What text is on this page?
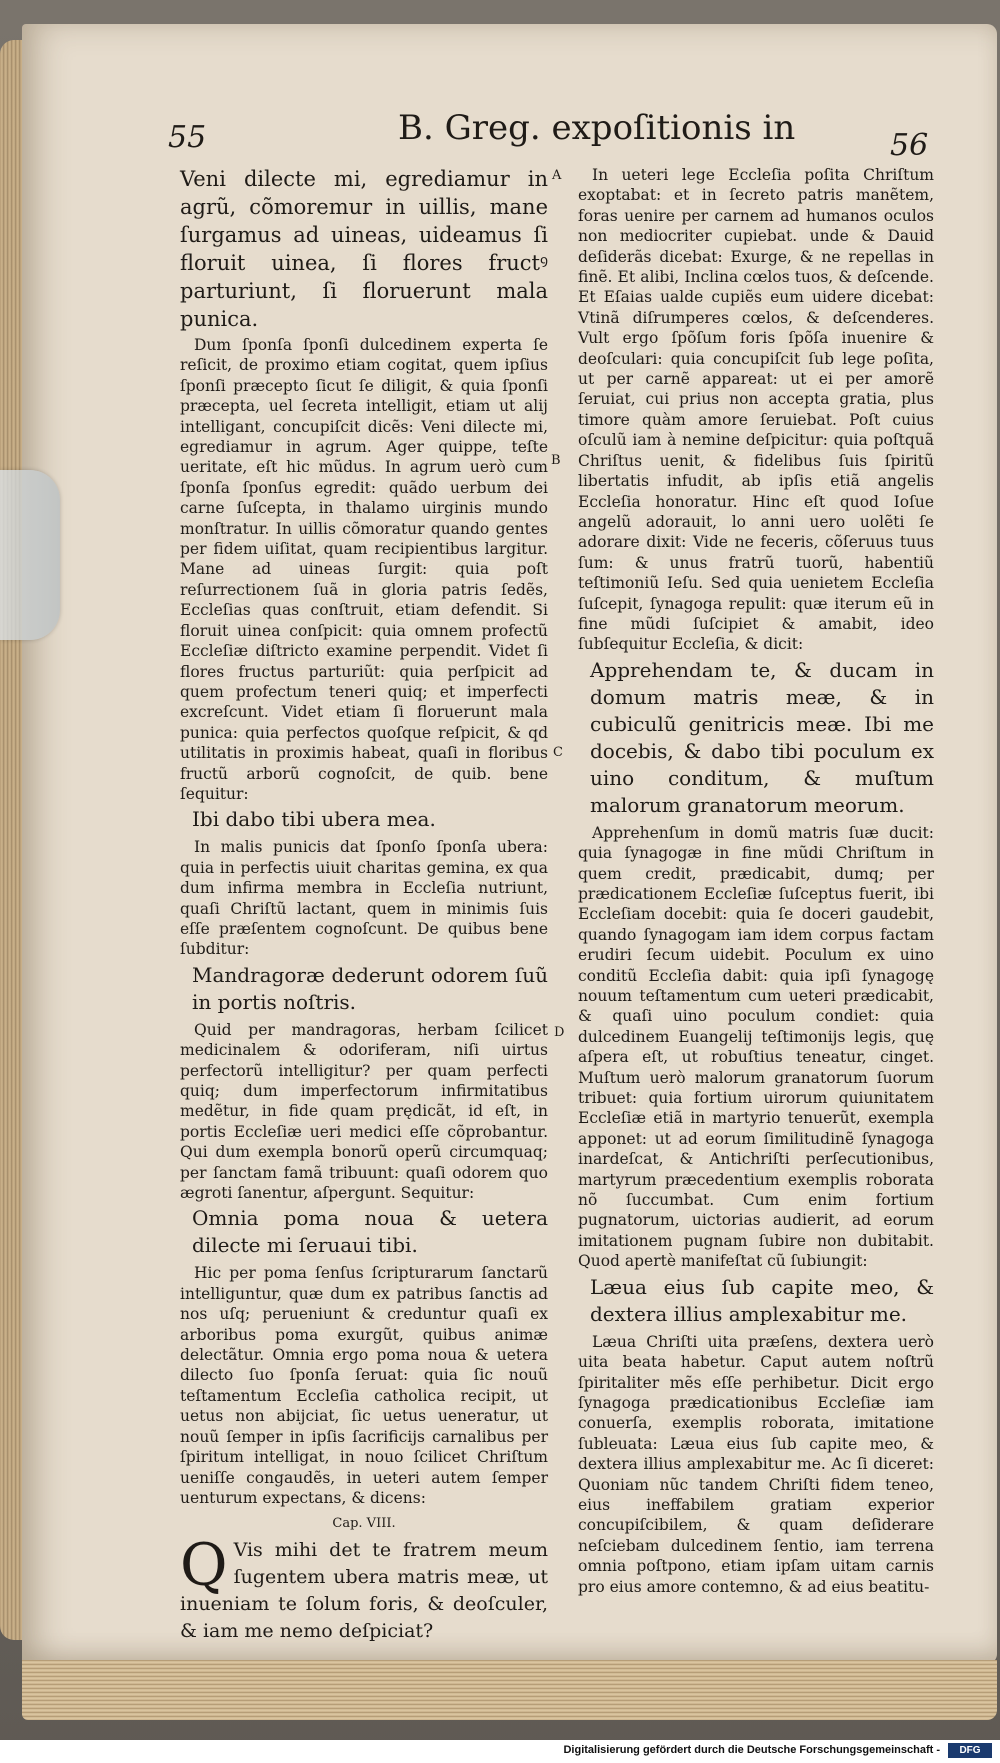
55	B. Greg. expoſitionis in	56
A
B
C
D

Veni dilecte mi, egrediamur in agrũ, cõmoremur in uillis, mane ſurgamus ad uineas, uideamus ſi floruit uinea, ſi flores fructꝰ parturiunt, ſi floruerunt mala punica.

Dum ſponſa ſponſi dulcedinem experta ſe reſicit, de proximo etiam cogitat, quem ipſius ſponſi præcepto ſicut ſe diligit, & quia ſponſi præcepta, uel ſecreta intelligit, etiam ut alij intelligant, concupiſcit dicẽs: Veni dilecte mi, egrediamur in agrum. Ager quippe, teſte ueritate, eſt hic mũdus. In agrum uerò cum ſponſa ſponſus egredit: quãdo uerbum dei carne ſuſcepta, in thalamo uirginis mundo monſtratur. In uillis cõmoratur quando gentes per fidem uiſitat, quam recipientibus largitur. Mane ad uineas ſurgit: quia poſt reſurrectionem ſuã in gloria patris ſedẽs, Eccleſias quas conſtruit, etiam defendit. Si floruit uinea conſpicit: quia omnem profectũ Eccleſiæ diſtricto examine perpendit. Videt ſi flores fructus parturiũt: quia perſpicit ad quem profectum teneri quiq; et imperfecti excreſcunt. Videt etiam ſi floruerunt mala punica: quia perfectos quoſque reſpicit, & qd utilitatis in proximis habeat, quaſi in floribus fructũ arborũ cognoſcit, de quib. bene ſequitur:

Ibi dabo tibi ubera mea.

In malis punicis dat ſponſo ſponſa ubera: quia in perfectis uiuit charitas gemina, ex qua dum infirma membra in Eccleſia nutriunt, quaſi Chriſtũ lactant, quem in minimis ſuis eſſe præſentem cognoſcunt. De quibus bene ſubditur:

Mandragoræ dederunt odorem ſuũ in portis noſtris.

Quid per mandragoras, herbam ſcilicet medicinalem & odoriferam, niſi uirtus perfectorũ intelligitur? per quam perfecti quiq; dum imperfectorum infirmitatibus medẽtur, in fide quam prędicãt, id eſt, in portis Eccleſiæ ueri medici eſſe cõprobantur. Qui dum exempla bonorũ operũ circumquaq; per ſanctam famã tribuunt: quaſi odorem quo ægroti ſanentur, aſpergunt. Sequitur:

Omnia poma noua & uetera dilecte mi ſeruaui tibi.

Hic per poma ſenſus ſcripturarum ſanctarũ intelliguntur, quæ dum ex patribus ſanctis ad nos uſq; perueniunt & creduntur quaſi ex arboribus poma exurgũt, quibus animæ delectãtur. Omnia ergo poma noua & uetera dilecto ſuo ſponſa ſeruat: quia ſic nouũ teſtamentum Eccleſia catholica recipit, ut uetus non abijciat, ſic uetus ueneratur, ut nouũ ſemper in ipſis ſacrificijs carnalibus per ſpiritum intelligat, in nouo ſcilicet Chriſtum ueniſſe congaudẽs, in ueteri autem ſemper uenturum expectans, & dicens:

Cap. VIII.

Q Vis mihi det te fratrem meum ſugentem ubera matris meæ, ut inueniam te ſolum foris, & deoſculer, & iam me nemo deſpiciat?

In ueteri lege Eccleſia poſita Chriſtum exoptabat: et in ſecreto patris manẽtem, foras uenire per carnem ad humanos oculos non mediocriter cupiebat. unde & Dauid deſiderãs dicebat: Exurge, & ne repellas in finẽ. Et alibi, Inclina cœlos tuos, & deſcende. Et Eſaias ualde cupiẽs eum uidere dicebat: Vtinã diſrumperes cœlos, & deſcenderes. Vult ergo ſpõſum foris ſpõſa inuenire & deoſculari: quia concupiſcit ſub lege poſita, ut per carnẽ appareat: ut ei per amorẽ ſeruiat, cui prius non accepta gratia, plus timore quàm amore ſeruiebat. Poſt cuius oſculũ iam à nemine deſpicitur: quia poſtquã Chriſtus uenit, & fidelibus ſuis ſpiritũ libertatis infudit, ab ipſis etiã angelis Eccleſia honoratur. Hinc eſt quod Ioſue angelũ adorauit, lo anni uero uolẽti ſe adorare dixit: Vide ne feceris, cõſeruus tuus ſum: & unus fratrũ tuorũ, habentiũ teſtimoniũ Ieſu. Sed quia uenietem Eccleſia ſuſcepit, ſynagoga repulit: quæ iterum eũ in fine mũdi ſuſcipiet & amabit, ideo ſubſequitur Eccleſia, & dicit:

Apprehendam te, & ducam in domum matris meæ, & in cubiculũ genitricis meæ. Ibi me docebis, & dabo tibi poculum ex uino conditum, & muſtum malorum granatorum meorum.

Apprehenſum in domũ matris ſuæ ducit: quia ſynagogæ in fine mũdi Chriſtum in quem credit, prædicabit, dumq; per prædicationem Eccleſiæ ſuſceptus fuerit, ibi Eccleſiam docebit: quia ſe doceri gaudebit, quando ſynagogam iam idem corpus factam erudiri ſecum uidebit. Poculum ex uino conditũ Eccleſia dabit: quia ipſi ſynagogę nouum teſtamentum cum ueteri prædicabit, & quaſi uino poculum condiet: quia dulcedinem Euangelij teſtimonijs legis, quę aſpera eſt, ut robuſtius teneatur, cinget. Muſtum uerò malorum granatorum ſuorum tribuet: quia fortium uirorum quiunitatem Eccleſiæ etiã in martyrio tenuerũt, exempla apponet: ut ad eorum ſimilitudinẽ ſynagoga inardeſcat, & Antichriſti perſecutionibus, martyrum præcedentium exemplis roborata nõ ſuccumbat. Cum enim fortium pugnatorum, uictorias audierit, ad eorum imitationem pugnam ſubire non dubitabit. Quod apertè manifeſtat cũ ſubiungit:

Læua eius ſub capite meo, & dextera illius amplexabitur me.

Læua Chriſti uita præſens, dextera uerò uita beata habetur. Caput autem noſtrũ ſpiritaliter mẽs eſſe perhibetur. Dicit ergo ſynagoga prædicationibus Eccleſiæ iam conuerſa, exemplis roborata, imitatione ſubleuata: Læua eius ſub capite meo, & dextera illius amplexabitur me. Ac ſi diceret: Quoniam nũc tandem Chriſti fidem teneo, eius ineffabilem gratiam experior concupiſcibilem, & quam deſiderare neſciebam dulcedinem ſentio, iam terrena omnia poſtpono, etiam ipſam uitam carnis pro eius amore contemno, & ad eius beatitu-

Digitalisierung gefördert durch die Deutsche Forschungsgemeinschaft -	DFG
